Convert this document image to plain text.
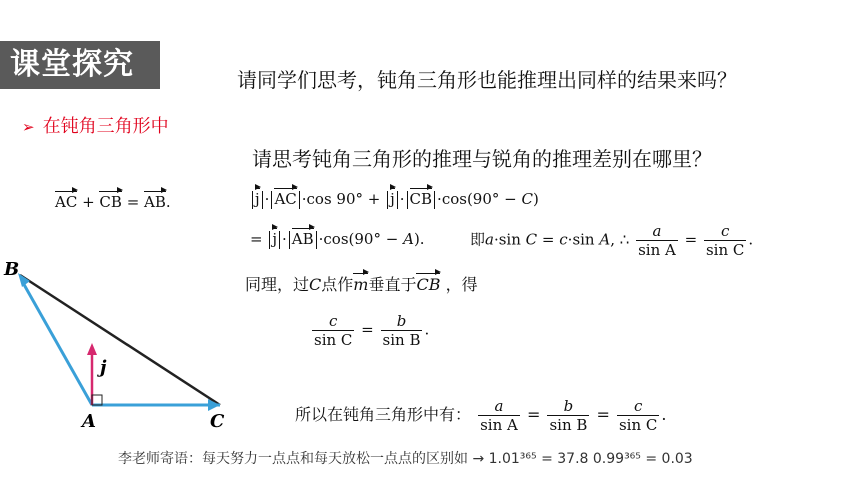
课堂探究	请同学们思考，钝角三角形也能推理出同样的结果来吗？
➢ 在钝角三角形中
请思考钝角三角形的推理与锐角的推理差别在哪里？
AC + CB = AB.	j · AC ·cos 90° + j · CB ·cos(90° − C)
= j · AB ·cos(90° − A).	即a·sin C = c·sin A, ∴ $\frac{a}{\text{sin A}} = \frac{c}{\text{sin C}}$ .
同理，过C点作m垂直于CB ，得
$\frac{c}{\text{sin C}} = \frac{b}{\text{sin B}}$ .
所以在钝角三角形中有： $\frac{a}{\text{sin A}} = \frac{b}{\text{sin B}} = \frac{c}{\text{sin C}}$ .
B
A	C
j
李老师寄语：每天努力一点点和每天放松一点点的区别如 → 1.01³⁶⁵ = 37.8 0.99³⁶⁵ = 0.03
